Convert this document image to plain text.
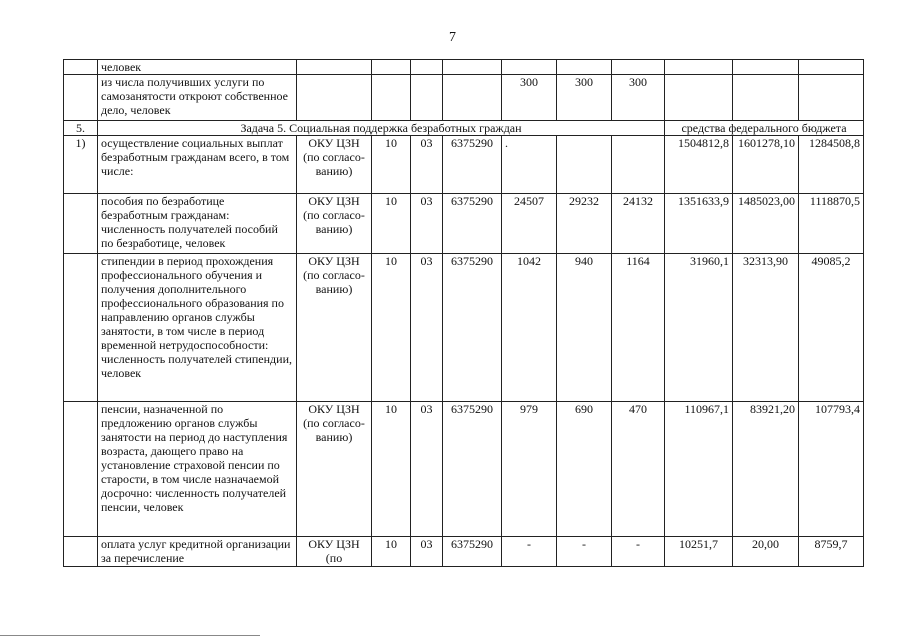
7
	человек										
	из числа получивших услуги по самозанятости откроют собственное дело, человек					300	300	300			
5.	Задача 5. Социальная поддержка безработных граждан								средства федерального бюджета		
1)	осуществление социальных выплат безработным гражданам всего, в том числе:	ОКУ ЦЗН (по согласо- ванию)	10	03	6375290	.			1504812,8	1601278,10	1284508,8
	пособия по безработице безработным гражданам: численность получателей пособий по безработице, человек	ОКУ ЦЗН (по согласо- ванию)	10	03	6375290	24507	29232	24132	1351633,9	1485023,00	1118870,5
	стипендии в период прохождения профессионального обучения и получения дополнительного профессионального образования по направлению органов службы занятости, в том числе в период временной нетрудоспособности: численность получателей стипендии, человек	ОКУ ЦЗН (по согласо- ванию)	10	03	6375290	1042	940	1164	31960,1	32313,90	49085,2
	пенсии, назначенной по предложению органов службы занятости на период до наступления возраста, дающего право на установление страховой пенсии по старости, в том числе назначаемой досрочно: численность получателей пенсии, человек	ОКУ ЦЗН (по согласо- ванию)	10	03	6375290	979	690	470	110967,1	83921,20	107793,4
	оплата услуг кредитной организации за перечисление	ОКУ ЦЗН (по	10	03	6375290	-	-	-	10251,7	20,00	8759,7
